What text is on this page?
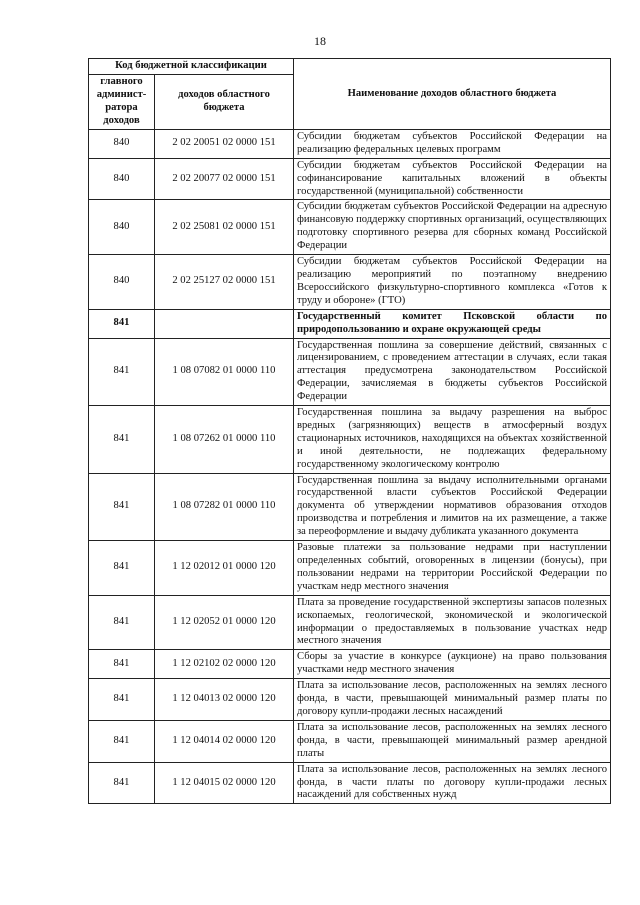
18
Код бюджетной классификации		Наименование доходов областного бюджета
главного админист-ратора доходов	доходов областного бюджета	
840	2 02 20051 02 0000 151	Субсидии бюджетам субъектов Российской Федерации на реализацию федеральных целевых программ
840	2 02 20077 02 0000 151	Субсидии бюджетам субъектов Российской Федерации на софинансирование капитальных вложений в объекты государственной (муниципальной) собственности
840	2 02 25081 02 0000 151	Субсидии бюджетам субъектов Российской Федерации на адресную финансовую поддержку спортивных организаций, осуществляющих подготовку спортивного резерва для сборных команд Российской Федерации
840	2 02 25127 02 0000 151	Субсидии бюджетам субъектов Российской Федерации на реализацию мероприятий по поэтапному внедрению Всероссийского физкультурно-спортивного комплекса «Готов к труду и обороне» (ГТО)
841		Государственный комитет Псковской области по природопользованию и охране окружающей среды
841	1 08 07082 01 0000 110	Государственная пошлина за совершение действий, связанных с лицензированием, с проведением аттестации в случаях, если такая аттестация предусмотрена законодательством Российской Федерации, зачисляемая в бюджеты субъектов Российской Федерации
841	1 08 07262 01 0000 110	Государственная пошлина за выдачу разрешения на выброс вредных (загрязняющих) веществ в атмосферный воздух стационарных источников, находящихся на объектах хозяйственной и иной деятельности, не подлежащих федеральному государственному экологическому контролю
841	1 08 07282 01 0000 110	Государственная пошлина за выдачу исполнительными органами государственной власти субъектов Российской Федерации документа об утверждении нормативов образования отходов производства и потребления и лимитов на их размещение, а также за переоформление и выдачу дубликата указанного документа
841	1 12 02012 01 0000 120	Разовые платежи за пользование недрами при наступлении определенных событий, оговоренных в лицензии (бонусы), при пользовании недрами на территории Российской Федерации по участкам недр местного значения
841	1 12 02052 01 0000 120	Плата за проведение государственной экспертизы запасов полезных ископаемых, геологической, экономической и экологической информации о предоставляемых в пользование участках недр местного значения
841	1 12 02102 02 0000 120	Сборы за участие в конкурсе (аукционе) на право пользования участками недр местного значения
841	1 12 04013 02 0000 120	Плата за использование лесов, расположенных на землях лесного фонда, в части, превышающей минимальный размер платы по договору купли-продажи лесных насаждений
841	1 12 04014 02 0000 120	Плата за использование лесов, расположенных на землях лесного фонда, в части, превышающей минимальный размер арендной платы
841	1 12 04015 02 0000 120	Плата за использование лесов, расположенных на землях лесного фонда, в части платы по договору купли-продажи лесных насаждений для собственных нужд
